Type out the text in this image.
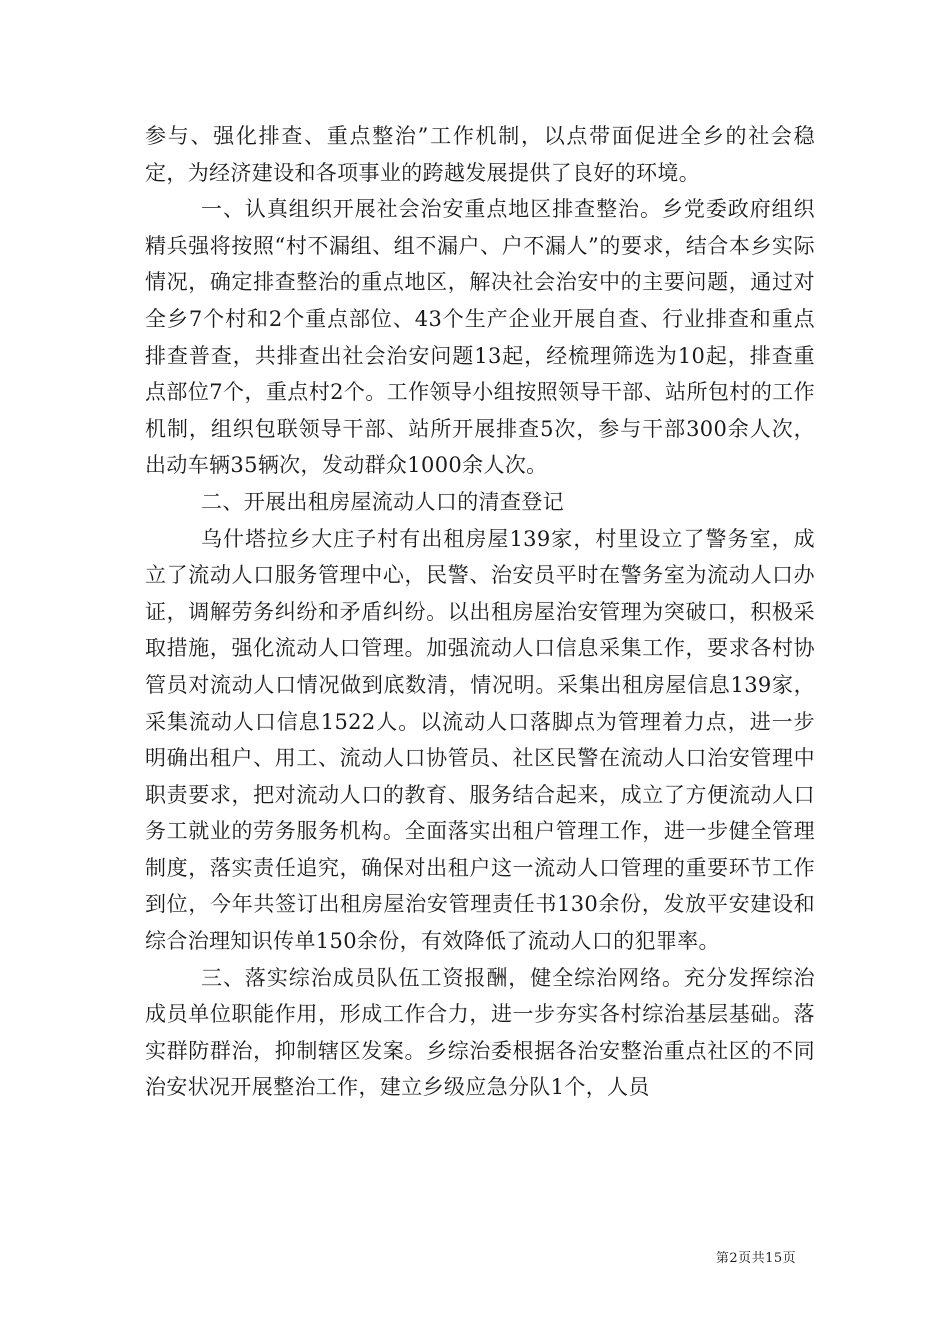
参与、强化排查、重点整治”工作机制，以点带面促进全乡的社会稳定，为经济建设和各项事业的跨越发展提供了良好的环境。

一、认真组织开展社会治安重点地区排查整治。乡党委政府组织精兵强将按照“村不漏组、组不漏户、户不漏人”的要求，结合本乡实际情况，确定排查整治的重点地区，解决社会治安中的主要问题，通过对全乡7个村和2个重点部位、43个生产企业开展自查、行业排查和重点排查普查，共排查出社会治安问题13起，经梳理筛选为10起，排查重点部位7个，重点村2个。工作领导小组按照领导干部、站所包村的工作机制，组织包联领导干部、站所开展排查5次，参与干部300余人次，出动车辆35辆次，发动群众1000余人次。

二、开展出租房屋流动人口的清查登记

乌什塔拉乡大庄子村有出租房屋139家，村里设立了警务室，成立了流动人口服务管理中心，民警、治安员平时在警务室为流动人口办证，调解劳务纠纷和矛盾纠纷。以出租房屋治安管理为突破口，积极采取措施，强化流动人口管理。加强流动人口信息采集工作，要求各村协管员对流动人口情况做到底数清，情况明。采集出租房屋信息139家，采集流动人口信息1522人。以流动人口落脚点为管理着力点，进一步明确出租户、用工、流动人口协管员、社区民警在流动人口治安管理中职责要求，把对流动人口的教育、服务结合起来，成立了方便流动人口务工就业的劳务服务机构。全面落实出租户管理工作，进一步健全管理制度，落实责任追究，确保对出租户这一流动人口管理的重要环节工作到位，今年共签订出租房屋治安管理责任书130余份，发放平安建设和综合治理知识传单150余份，有效降低了流动人口的犯罪率。

三、落实综治成员队伍工资报酬，健全综治网络。充分发挥综治成员单位职能作用，形成工作合力，进一步夯实各村综治基层基础。落实群防群治，抑制辖区发案。乡综治委根据各治安整治重点社区的不同治安状况开展整治工作，建立乡级应急分队1个，人员

第2页共15页
